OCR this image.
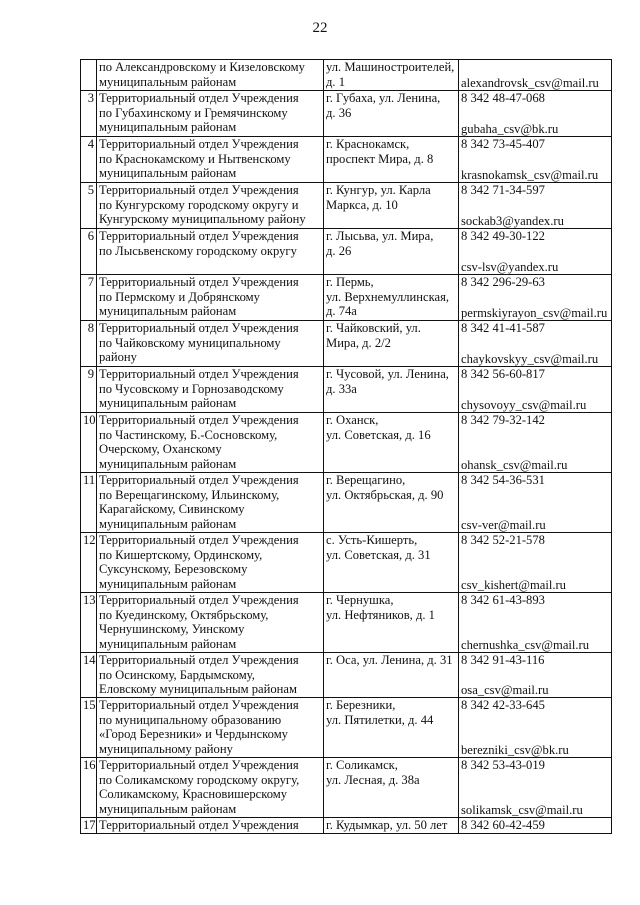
22

	по Александровскому и Кизеловскому
муниципальным районам	ул. Машиностроителей,
д. 1	alexandrovsk_csv@mail.ru

3	Территориальный отдел Учреждения
по Губахинскому и Гремячинскому
муниципальным районам	г. Губаха, ул. Ленина,
д. 36	8 342 48-47-068
gubaha_csv@bk.ru

4	Территориальный отдел Учреждения
по Краснокамскому и Нытвенскому
муниципальным районам	г. Краснокамск,
проспект Мира, д. 8	8 342 73-45-407
krasnokamsk_csv@mail.ru

5	Территориальный отдел Учреждения
по Кунгурскому городскому округу и
Кунгурскому муниципальному району	г. Кунгур, ул. Карла
Маркса, д. 10	8 342 71-34-597
sockab3@yandex.ru

6	Территориальный отдел Учреждения
по Лысьвенскому городскому округу	г. Лысьва, ул. Мира,
д. 26	8 342 49-30-122
csv-lsv@yandex.ru

7	Территориальный отдел Учреждения
по Пермскому и Добрянскому
муниципальным районам	г. Пермь,
ул. Верхнемуллинская,
д. 74а	8 342 296-29-63
permskiyrayon_csv@mail.ru

8	Территориальный отдел Учреждения
по Чайковскому муниципальному
району	г. Чайковский, ул.
Мира, д. 2/2	8 342 41-41-587
chaykovskyy_csv@mail.ru

9	Территориальный отдел Учреждения
по Чусовскому и Горнозаводскому
муниципальным районам	г. Чусовой, ул. Ленина,
д. 33а	8 342 56-60-817
chysovoyy_csv@mail.ru

10	Территориальный отдел Учреждения
по Частинскому, Б.-Сосновскому,
Очерскому, Оханскому
муниципальным районам	г. Оханск,
ул. Советская, д. 16	8 342 79-32-142
ohansk_csv@mail.ru

11	Территориальный отдел Учреждения
по Верещагинскому, Ильинскому,
Карагайскому, Сивинскому
муниципальным районам	г. Верещагино,
ул. Октябрьская, д. 90	8 342 54-36-531
csv-ver@mail.ru

12	Территориальный отдел Учреждения
по Кишертскому, Ординскому,
Суксунскому, Березовскому
муниципальным районам	с. Усть-Кишерть,
ул. Советская, д. 31	8 342 52-21-578
csv_kishert@mail.ru

13	Территориальный отдел Учреждения
по Куединскому, Октябрьскому,
Чернушинскому, Уинскому
муниципальным районам	г. Чернушка,
ул. Нефтяников, д. 1	8 342 61-43-893
chernushka_csv@mail.ru

14	Территориальный отдел Учреждения
по Осинскому, Бардымскому,
Еловскому муниципальным районам	г. Оса, ул. Ленина, д. 31	8 342 91-43-116
osa_csv@mail.ru

15	Территориальный отдел Учреждения
по муниципальному образованию
«Город Березники» и Чердынскому
муниципальному району	г. Березники,
ул. Пятилетки, д. 44	8 342 42-33-645
berezniki_csv@bk.ru

16	Территориальный отдел Учреждения
по Соликамскому городскому округу,
Соликамскому, Красновишерскому
муниципальным районам	г. Соликамск,
ул. Лесная, д. 38а	8 342 53-43-019
solikamsk_csv@mail.ru

17	Территориальный отдел Учреждения	г. Кудымкар, ул. 50 лет	8 342 60-42-459
